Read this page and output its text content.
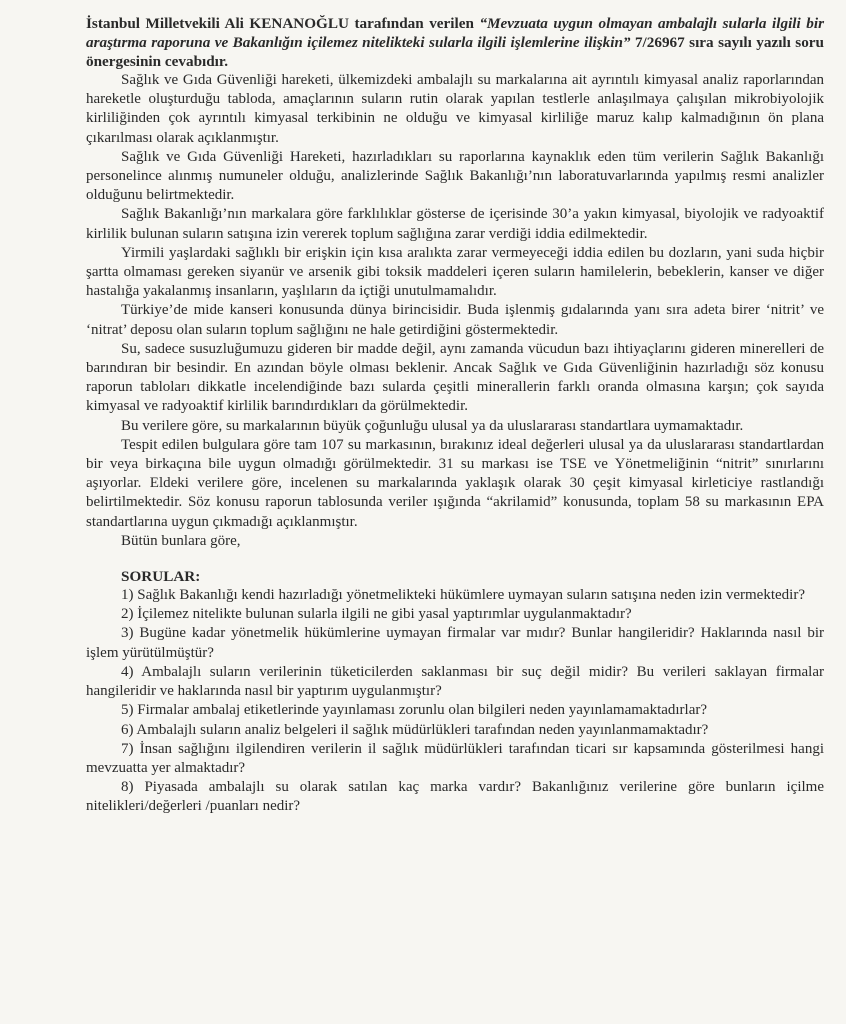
İstanbul Milletvekili Ali KENANOĞLU tarafından verilen “Mevzuata uygun olmayan ambalajlı sularla ilgili bir araştırma raporuna ve Bakanlığın içilemez nitelikteki sularla ilgili işlemlerine ilişkin” 7/26967 sıra sayılı yazılı soru önergesinin cevabıdır.

Sağlık ve Gıda Güvenliği hareketi, ülkemizdeki ambalajlı su markalarına ait ayrıntılı kimyasal analiz raporlarından hareketle oluşturduğu tabloda, amaçlarının suların rutin olarak yapılan testlerle anlaşılmaya çalışılan mikrobiyolojik kirliliğinden çok ayrıntılı kimyasal terkibinin ne olduğu ve kimyasal kirliliğe maruz kalıp kalmadığının ön plana çıkarılması olarak açıklanmıştır.

Sağlık ve Gıda Güvenliği Hareketi, hazırladıkları su raporlarına kaynaklık eden tüm verilerin Sağlık Bakanlığı personelince alınmış numuneler olduğu, analizlerinde Sağlık Bakanlığı’nın laboratuvarlarında yapılmış resmi analizler olduğunu belirtmektedir.

Sağlık Bakanlığı’nın markalara göre farklılıklar gösterse de içerisinde 30’a yakın kimyasal, biyolojik ve radyoaktif kirlilik bulunan suların satışına izin vererek toplum sağlığına zarar verdiği iddia edilmektedir.

Yirmili yaşlardaki sağlıklı bir erişkin için kısa aralıkta zarar vermeyeceği iddia edilen bu dozların, yani suda hiçbir şartta olmaması gereken siyanür ve arsenik gibi toksik maddeleri içeren suların hamilelerin, bebeklerin, kanser ve diğer hastalığa yakalanmış insanların, yaşlıların da içtiği unutulmamalıdır.

Türkiye’de mide kanseri konusunda dünya birincisidir. Buda işlenmiş gıdalarında yanı sıra adeta birer ‘nitrit’ ve ‘nitrat’ deposu olan suların toplum sağlığını ne hale getirdiğini göstermektedir.

Su, sadece susuzluğumuzu gideren bir madde değil, aynı zamanda vücudun bazı ihtiyaçlarını gideren minerelleri de barındıran bir besindir. En azından böyle olması beklenir. Ancak Sağlık ve Gıda Güvenliğinin hazırladığı söz konusu raporun tabloları dikkatle incelendiğinde bazı sularda çeşitli minerallerin farklı oranda olmasına karşın; çok sayıda kimyasal ve radyoaktif kirlilik barındırdıkları da görülmektedir.

Bu verilere göre, su markalarının büyük çoğunluğu ulusal ya da uluslararası standartlara uymamaktadır.

Tespit edilen bulgulara göre tam 107 su markasının, bırakınız ideal değerleri ulusal ya da uluslararası standartlardan bir veya birkaçına bile uygun olmadığı görülmektedir. 31 su markası ise TSE ve Yönetmeliğinin “nitrit” sınırlarını aşıyorlar. Eldeki verilere göre, incelenen su markalarında yaklaşık olarak 30 çeşit kimyasal kirleticiye rastlandığı belirtilmektedir. Söz konusu raporun tablosunda veriler ışığında “akrilamid” konusunda, toplam 58 su markasının EPA standartlarına uygun çıkmadığı açıklanmıştır.

Bütün bunlara göre,

SORULAR:

1) Sağlık Bakanlığı kendi hazırladığı yönetmelikteki hükümlere uymayan suların satışına neden izin vermektedir?

2) İçilemez nitelikte bulunan sularla ilgili ne gibi yasal yaptırımlar uygulanmaktadır?

3) Bugüne kadar yönetmelik hükümlerine uymayan firmalar var mıdır? Bunlar hangileridir? Haklarında nasıl bir işlem yürütülmüştür?

4) Ambalajlı suların verilerinin tüketicilerden saklanması bir suç değil midir? Bu verileri saklayan firmalar hangileridir ve haklarında nasıl bir yaptırım uygulanmıştır?

5) Firmalar ambalaj etiketlerinde yayınlaması zorunlu olan bilgileri neden yayınlamamaktadırlar?

6) Ambalajlı suların analiz belgeleri il sağlık müdürlükleri tarafından neden yayınlanmamaktadır?

7) İnsan sağlığını ilgilendiren verilerin il sağlık müdürlükleri tarafından ticari sır kapsamında gösterilmesi hangi mevzuatta yer almaktadır?

8) Piyasada ambalajlı su olarak satılan kaç marka vardır? Bakanlığınız verilerine göre bunların içilme nitelikleri/değerleri /puanları nedir?
